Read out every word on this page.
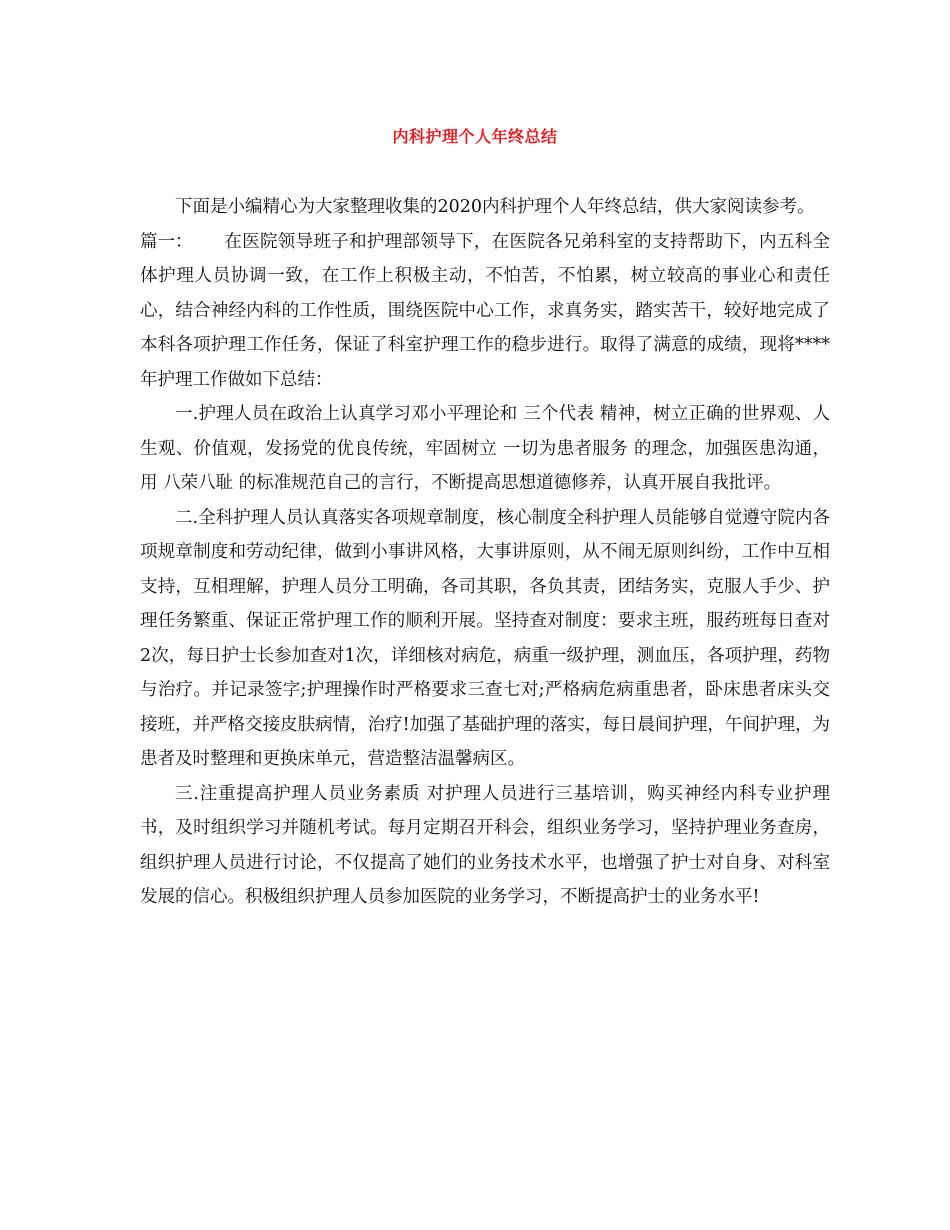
内科护理个人年终总结

下面是小编精心为大家整理收集的2020内科护理个人年终总结，供大家阅读参考。

篇一： 在医院领导班子和护理部领导下，在医院各兄弟科室的支持帮助下，内五科全体护理人员协调一致，在工作上积极主动，不怕苦，不怕累，树立较高的事业心和责任心，结合神经内科的工作性质，围绕医院中心工作，求真务实，踏实苦干，较好地完成了本科各项护理工作任务，保证了科室护理工作的稳步进行。取得了满意的成绩，现将****年护理工作做如下总结：

一.护理人员在政治上认真学习邓小平理论和 三个代表 精神，树立正确的世界观、人生观、价值观，发扬党的优良传统，牢固树立 一切为患者服务 的理念，加强医患沟通，用 八荣八耻 的标准规范自己的言行，不断提高思想道德修养，认真开展自我批评。

二.全科护理人员认真落实各项规章制度，核心制度全科护理人员能够自觉遵守院内各项规章制度和劳动纪律，做到小事讲风格，大事讲原则，从不闹无原则纠纷，工作中互相支持，互相理解，护理人员分工明确，各司其职，各负其责，团结务实，克服人手少、护理任务繁重、保证正常护理工作的顺利开展。坚持查对制度：要求主班，服药班每日查对2次，每日护士长参加查对1次，详细核对病危，病重一级护理，测血压，各项护理，药物与治疗。并记录签字;护理操作时严格要求三查七对;严格病危病重患者，卧床患者床头交接班，并严格交接皮肤病情，治疗!加强了基础护理的落实，每日晨间护理，午间护理，为患者及时整理和更换床单元，营造整洁温馨病区。

三.注重提高护理人员业务素质 对护理人员进行三基培训，购买神经内科专业护理书，及时组织学习并随机考试。每月定期召开科会，组织业务学习，坚持护理业务查房，组织护理人员进行讨论，不仅提高了她们的业务技术水平，也增强了护士对自身、对科室发展的信心。积极组织护理人员参加医院的业务学习，不断提高护士的业务水平!
